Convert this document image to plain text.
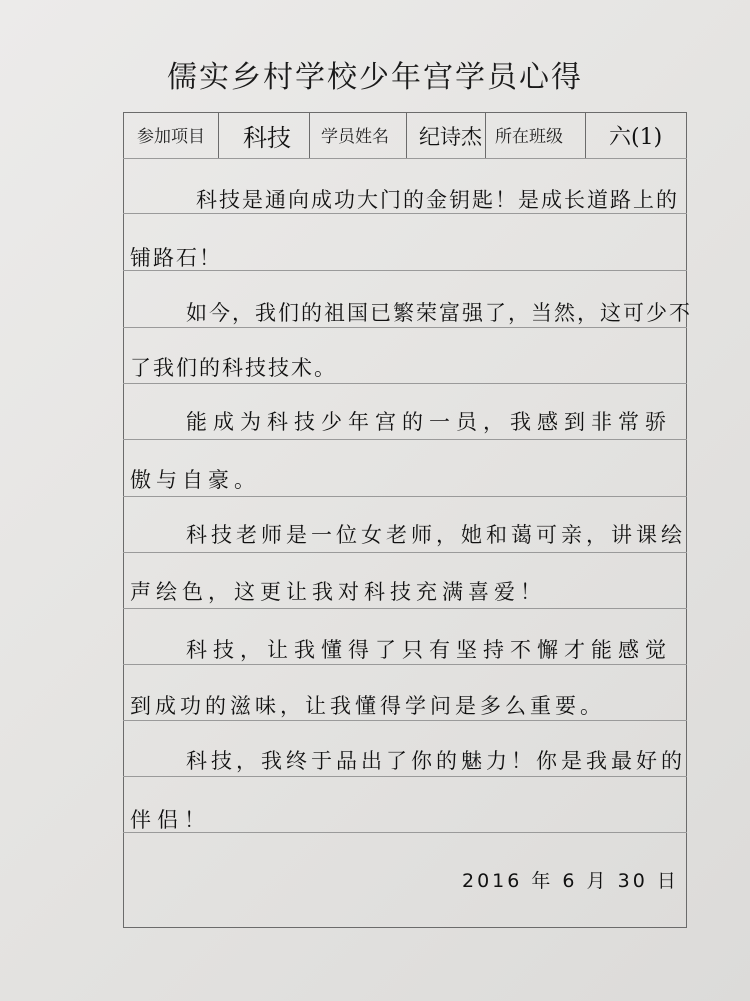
儒实乡村学校少年宫学员心得
参加项目 科技 学员姓名 纪诗杰 所在班级 六(1)
科技是通向成功大门的金钥匙！是成长道路上的
铺路石！
如今，我们的祖国已繁荣富强了，当然，这可少不
了我们的科技技术。
能成为科技少年宫的一员，我感到非常骄
傲与自豪。
科技老师是一位女老师，她和蔼可亲，讲课绘
声绘色，这更让我对科技充满喜爱！
科技，让我懂得了只有坚持不懈才能感觉
到成功的滋味，让我懂得学问是多么重要。
科技，我终于品出了你的魅力！你是我最好的
伴侣！
2016 年 6 月 30 日
